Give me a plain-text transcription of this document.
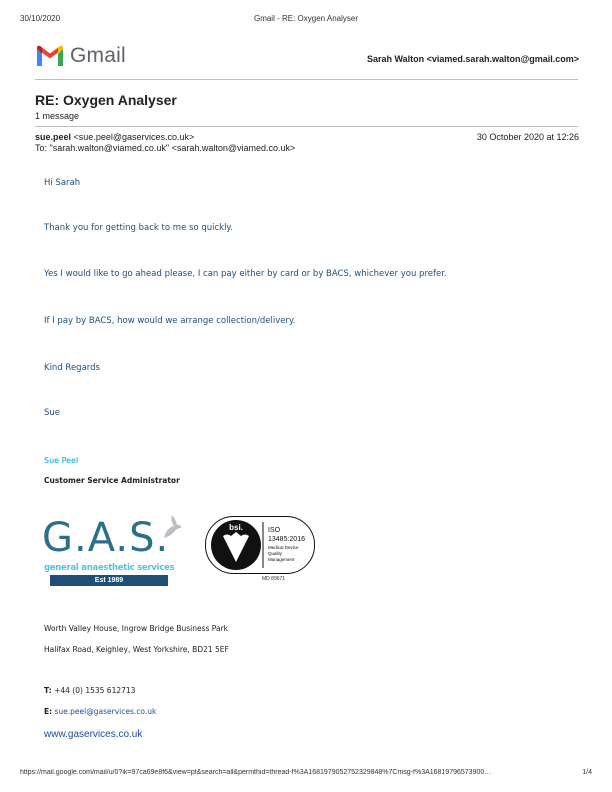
30/10/2020	Gmail - RE: Oxygen Analyser
Gmail	Sarah Walton <viamed.sarah.walton@gmail.com>
RE: Oxygen Analyser
1 message
sue.peel <sue.peel@gaservices.co.uk>	30 October 2020 at 12:26
To: "sarah.walton@viamed.co.uk" <sarah.walton@viamed.co.uk>
Hi Sarah
Thank you for getting back to me so quickly.
Yes I would like to go ahead please, I can pay either by card or by BACS, whichever you prefer.
If I pay by BACS, how would we arrange collection/delivery.
Kind Regards
Sue
Sue Peel
Customer Service Administrator
G.A.S.
general anaesthetic services
Est 1989
bsi.	ISO
13485:2016
Medical Device
Quality
Management
MD 89671
Worth Valley House, Ingrow Bridge Business Park
Halifax Road, Keighley, West Yorkshire, BD21 5EF
T: +44 (0) 1535 612713
E: sue.peel@gaservices.co.uk
www.gaservices.co.uk
https://mail.google.com/mail/u/0?ik=97ca69e8f6&view=pt&search=all&permthid=thread-f%3A1681979052752329848%7Cmsg-f%3A16819796573900…	1/4
